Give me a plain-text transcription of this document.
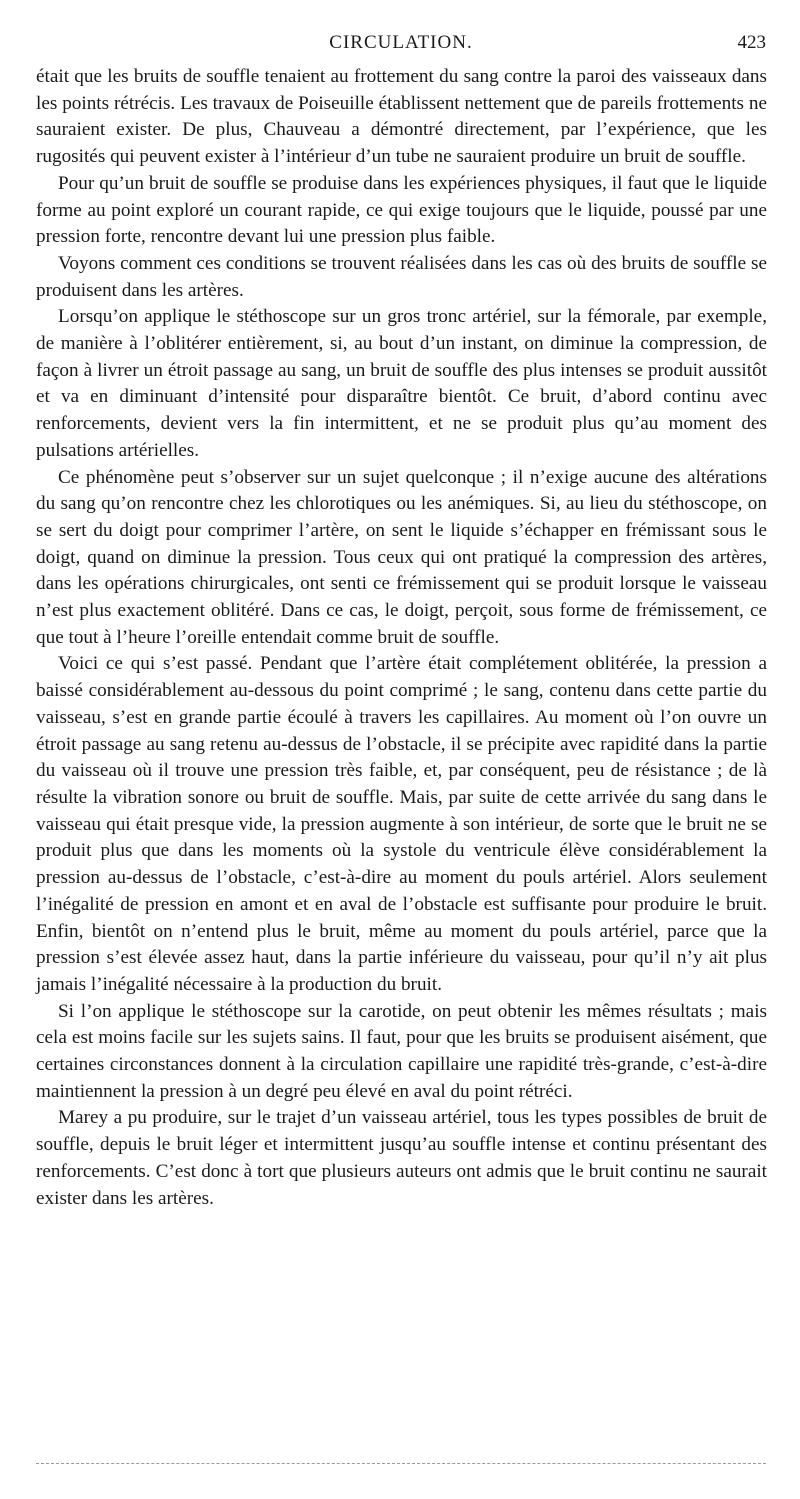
CIRCULATION.	423

était que les bruits de souffle tenaient au frottement du sang contre la paroi des vaisseaux dans les points rétrécis. Les travaux de Poiseuille établissent nettement que de pareils frottements ne sauraient exister. De plus, Chauveau a démontré directement, par l’expérience, que les rugosités qui peuvent exister à l’intérieur d’un tube ne sauraient produire un bruit de souffle.

Pour qu’un bruit de souffle se produise dans les expériences physiques, il faut que le liquide forme au point exploré un courant rapide, ce qui exige toujours que le liquide, poussé par une pression forte, rencontre devant lui une pression plus faible.

Voyons comment ces conditions se trouvent réalisées dans les cas où des bruits de souffle se produisent dans les artères.

Lorsqu’on applique le stéthoscope sur un gros tronc artériel, sur la fémorale, par exemple, de manière à l’oblitérer entièrement, si, au bout d’un instant, on diminue la compression, de façon à livrer un étroit passage au sang, un bruit de souffle des plus intenses se produit aussitôt et va en diminuant d’intensité pour disparaître bientôt. Ce bruit, d’abord continu avec renforcements, devient vers la fin intermittent, et ne se produit plus qu’au moment des pulsations artérielles.

Ce phénomène peut s’observer sur un sujet quelconque ; il n’exige aucune des altérations du sang qu’on rencontre chez les chlorotiques ou les anémiques. Si, au lieu du stéthoscope, on se sert du doigt pour comprimer l’artère, on sent le liquide s’échapper en frémissant sous le doigt, quand on diminue la pression. Tous ceux qui ont pratiqué la compression des artères, dans les opérations chirurgicales, ont senti ce frémissement qui se produit lorsque le vaisseau n’est plus exactement oblitéré. Dans ce cas, le doigt, perçoit, sous forme de frémissement, ce que tout à l’heure l’oreille entendait comme bruit de souffle.

Voici ce qui s’est passé. Pendant que l’artère était complétement oblitérée, la pression a baissé considérablement au-dessous du point comprimé ; le sang, contenu dans cette partie du vaisseau, s’est en grande partie écoulé à travers les capillaires. Au moment où l’on ouvre un étroit passage au sang retenu au-dessus de l’obstacle, il se précipite avec rapidité dans la partie du vaisseau où il trouve une pression très faible, et, par conséquent, peu de résistance ; de là résulte la vibration sonore ou bruit de souffle. Mais, par suite de cette arrivée du sang dans le vaisseau qui était presque vide, la pression augmente à son intérieur, de sorte que le bruit ne se produit plus que dans les moments où la systole du ventricule élève considérablement la pression au-dessus de l’obstacle, c’est-à-dire au moment du pouls artériel. Alors seulement l’inégalité de pression en amont et en aval de l’obstacle est suffisante pour produire le bruit. Enfin, bientôt on n’entend plus le bruit, même au moment du pouls artériel, parce que la pression s’est élevée assez haut, dans la partie inférieure du vaisseau, pour qu’il n’y ait plus jamais l’inégalité nécessaire à la production du bruit.

Si l’on applique le stéthoscope sur la carotide, on peut obtenir les mêmes résultats ; mais cela est moins facile sur les sujets sains. Il faut, pour que les bruits se produisent aisément, que certaines circonstances donnent à la circulation capillaire une rapidité très-grande, c’est-à-dire maintiennent la pression à un degré peu élevé en aval du point rétréci.

Marey a pu produire, sur le trajet d’un vaisseau artériel, tous les types possibles de bruit de souffle, depuis le bruit léger et intermittent jusqu’au souffle intense et continu présentant des renforcements. C’est donc à tort que plusieurs auteurs ont admis que le bruit continu ne saurait exister dans les artères.
